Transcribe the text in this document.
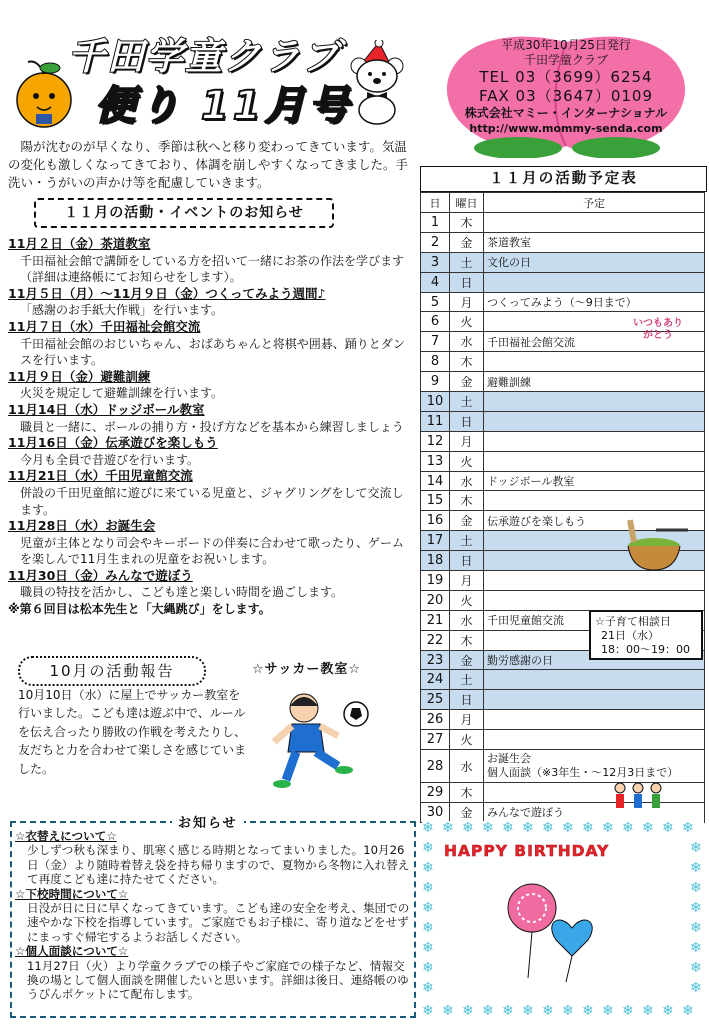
千田学童クラブ
便り 11月号
平成30年10月25日発行
千田学童クラブ
TEL 03（3699）6254
FAX 03（3647）0109
株式会社マミー・インターナショナル
http://www.mommy-senda.com
陽が沈むのが早くなり、季節は秋へと移り変わってきています。気温の変化も激しくなってきており、体調を崩しやすくなってきました。手洗い・うがいの声かけ等を配慮していきます。
１１月の活動・イベントのお知らせ
11月２日（金）茶道教室
千田福祉会館で講師をしている方を招いて一緒にお茶の作法を学びます（詳細は連絡帳にてお知らせをします）。
11月５日（月）～11月９日（金）つくってみよう週間♪
「感謝のお手紙大作戦」を行います。
11月７日（水）千田福祉会館交流
千田福祉会館のおじいちゃん、おばあちゃんと将棋や囲碁、踊りとダンスを行います。
11月９日（金）避難訓練
火災を規定して避難訓練を行います。
11月14日（水）ドッジボール教室
職員と一緒に、ボールの捕り方・投げ方などを基本から練習しましょう
11月16日（金）伝承遊びを楽しもう
今月も全員で昔遊びを行います。
11月21日（水）千田児童館交流
併設の千田児童館に遊びに来ている児童と、ジャグリングをして交流します。
11月28日（水）お誕生会
児童が主体となり司会やキーボードの伴奏に合わせて歌ったり、ゲームを楽しんで11月生まれの児童をお祝いします。
11月30日（金）みんなで遊ぼう
職員の特技を活かし、こども達と楽しい時間を過ごします。
※第６回目は松本先生と「大縄跳び」をします。
10月の活動報告	☆サッカー教室☆
10月10日（水）に屋上でサッカー教室を行いました。こども達は遊ぶ中で、ルールを伝え合ったり勝敗の作戦を考えたりし、友だちと力を合わせて楽しさを感じていました。
１１月の活動予定表
日	曜日	予定
1	木	
2	金	茶道教室
3	土	文化の日
4	日	
5	月	つくってみよう（～9日まで）
6	火	
7	水	千田福祉会館交流
8	木	
9	金	避難訓練
10	土	
11	日	
12	月	
13	火	
14	水	ドッジボール教室
15	木	
16	金	伝承遊びを楽しもう
17	土	
18	日	
19	月	
20	火	
21	水	千田児童館交流
22	木	
23	金	勤労感謝の日
24	土	
25	日	
26	月	
27	火	
28	水	お誕生会
個人面談（※3年生・～12月3日まで）

29	木	
30	金	みんなで遊ぼう
☆子育て相談日
21日（水）
18：00～19：00
いつもありがとう
お知らせ
☆衣替えについて☆
少しずつ秋も深まり、肌寒く感じる時期となってまいりました。10月26日（金）より随時着替え袋を持ち帰りますので、夏物から冬物に入れ替えて再度こども達に持たせてください。
☆下校時間について☆
日没が日に日に早くなってきています。こども達の安全を考え、集団での速やかな下校を指導しています。ご家庭でもお子様に、寄り道などをせずにまっすぐ帰宅するようお話しください。
☆個人面談について☆
11月27日（火）より学童クラブでの様子やご家庭での様子など、情報交換の場として個人面談を開催したいと思います。詳細は後日、連絡帳のゆうびんポケットにて配布します。
❄
❄
❄
❄
❄
❄
❄
❄
❄
❄
❄
❄
❄
❄
❄
❄
❄
❄
❄
❄
❄
❄
❄
❄
❄
❄
❄
❄
❄	❄
❄	❄
❄	❄
❄	❄
❄	❄
❄	❄
❄	❄
❄	❄
HAPPY BIRTHDAY
